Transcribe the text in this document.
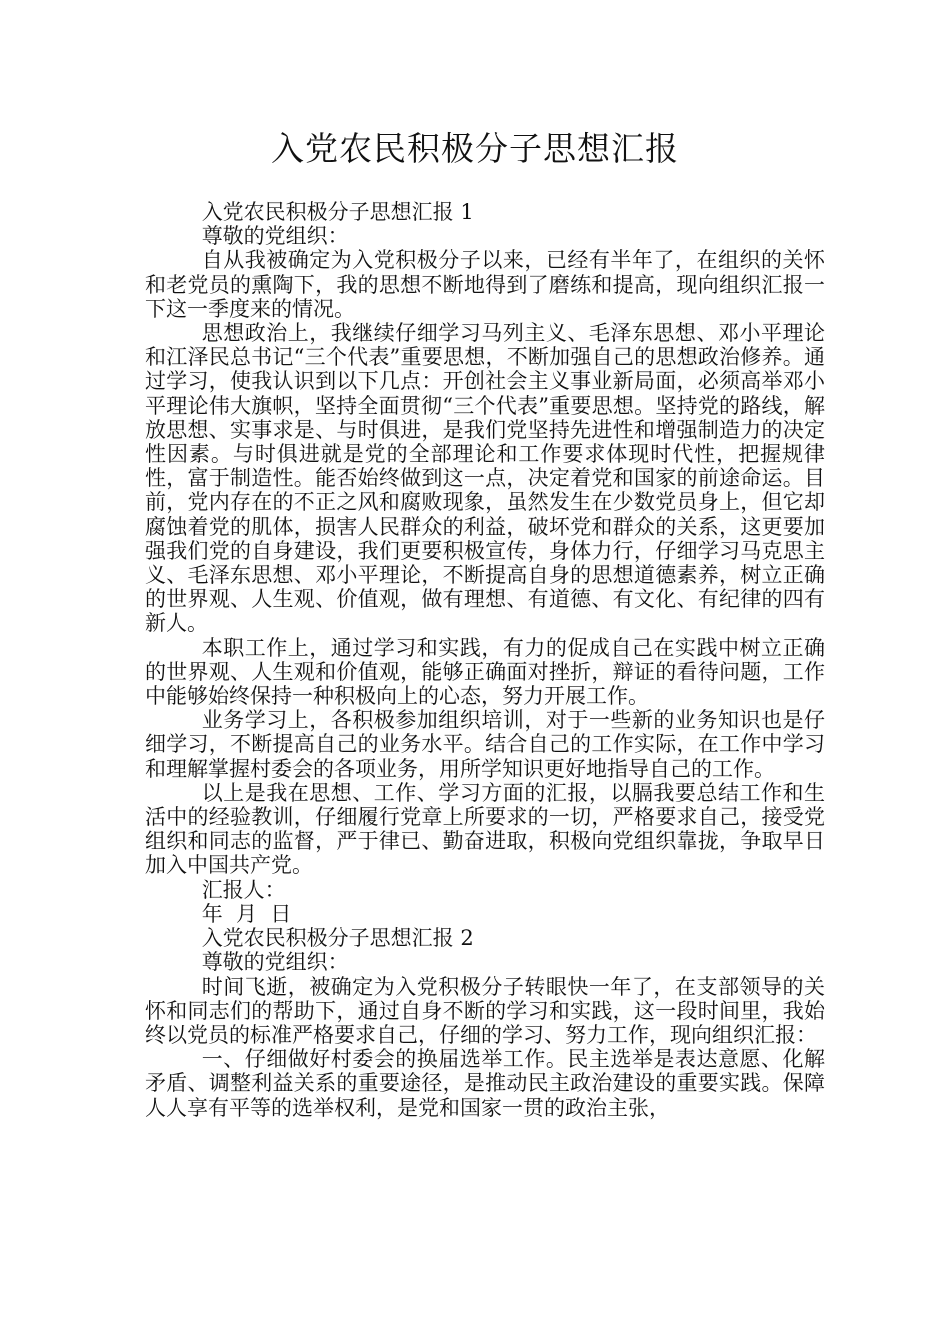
入党农民积极分子思想汇报

入党农民积极分子思想汇报 1

尊敬的党组织：

自从我被确定为入党积极分子以来，已经有半年了，在组织的关怀和老党员的熏陶下，我的思想不断地得到了磨练和提高，现向组织汇报一下这一季度来的情况。

思想政治上，我继续仔细学习马列主义、毛泽东思想、邓小平理论和江泽民总书记“三个代表”重要思想，不断加强自己的思想政治修养。通过学习，使我认识到以下几点：开创社会主义事业新局面，必须高举邓小平理论伟大旗帜，坚持全面贯彻“三个代表”重要思想。坚持党的路线，解放思想、实事求是、与时俱进，是我们党坚持先进性和增强制造力的决定性因素。与时俱进就是党的全部理论和工作要求体现时代性，把握规律性，富于制造性。能否始终做到这一点，决定着党和国家的前途命运。目前，党内存在的不正之风和腐败现象，虽然发生在少数党员身上，但它却腐蚀着党的肌体，损害人民群众的利益，破坏党和群众的关系，这更要加强我们党的自身建设，我们更要积极宣传，身体力行，仔细学习马克思主义、毛泽东思想、邓小平理论，不断提高自身的思想道德素养，树立正确的世界观、人生观、价值观，做有理想、有道德、有文化、有纪律的四有新人。

本职工作上，通过学习和实践，有力的促成自己在实践中树立正确的世界观、人生观和价值观，能够正确面对挫折，辩证的看待问题，工作中能够始终保持一种积极向上的心态，努力开展工作。

业务学习上，各积极参加组织培训，对于一些新的业务知识也是仔细学习，不断提高自己的业务水平。结合自己的工作实际，在工作中学习和理解掌握村委会的各项业务，用所学知识更好地指导自己的工作。

以上是我在思想、工作、学习方面的汇报，以膈我要总结工作和生活中的经验教训，仔细履行党章上所要求的一切，严格要求自己，接受党组织和同志的监督，严于律已、勤奋进取，积极向党组织靠拢，争取早日加入中国共产党。

汇报人：

年  月  日

入党农民积极分子思想汇报 2

尊敬的党组织：

时间飞逝，被确定为入党积极分子转眼快一年了，在支部领导的关怀和同志们的帮助下，通过自身不断的学习和实践，这一段时间里，我始终以党员的标准严格要求自己，仔细的学习、努力工作，现向组织汇报：

一、仔细做好村委会的换届选举工作。民主选举是表达意愿、化解矛盾、调整利益关系的重要途径，是推动民主政治建设的重要实践。保障人人享有平等的选举权利，是党和国家一贯的政治主张，
